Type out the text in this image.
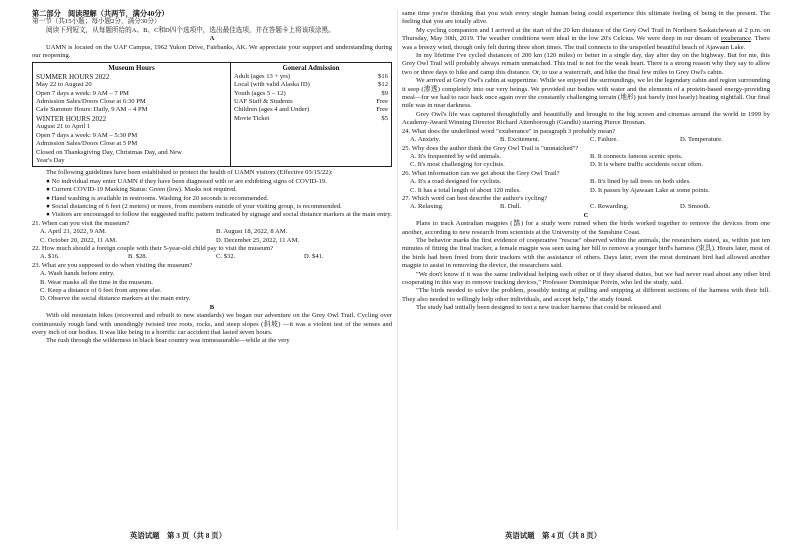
第二部分　阅读理解（共两节，满分40分）
第一节（共15小题；每小题2分，满分30分）
阅读下列短文，从每题所给的A、B、C和D四个选项中，选出最佳选项，并在答题卡上将该项涂黑。
A
UAMN is located on the UAF Campus, 1962 Yukon Drive, Fairbanks, AK. We appreciate your support and understanding during our reopening.
Museum Hours
SUMMER HOURS 2022
May 22 to August 20
Open 7 days a week: 9 AM – 7 PM
Admission Sales/Doors Close at 6:30 PM
Cafe Summer Hours: Daily, 9 AM – 4 PM
WINTER HOURS 2022
August 21 to April 1
Open 7 days a week: 9 AM – 5:30 PM
Admission Sales/Doors Close at 5 PM
Closed on Thanksgiving Day, Christmas Day, and New
Year's Day
General Admission
Adult (ages 13 + yrs)	$16
Local (with valid Alaska ID)	$12
Youth (ages 5 – 12)	$9
UAF Staff & Students	Free
Children (ages 4 and Under)	Free
Movie Ticket	$5
The following guidelines have been established to protect the health of UAMN visitors (Effective 03/15/22):
● No individual may enter UAMN if they have been diagnosed with or are exhibiting signs of COVID-19.
● Current COVID-19 Masking Status: Green (low). Masks not required.
● Hand washing is available in restrooms. Washing for 20 seconds is recommended.
● Social distancing of 6 feet (2 meters) or more, from members outside of your visiting group, is recommended.
● Visitors are encouraged to follow the suggested traffic pattern indicated by signage and social distance markers at the main entry.
21. When can you visit the museum?
A. April 21, 2022, 9 AM.	B. August 18, 2022, 8 AM.
C. October 20, 2022, 11 AM.	D. December 25, 2022, 11 AM.
22. How much should a foreign couple with their 5-year-old child pay to visit the museum?
A. $16.	B. $28.	C. $32.	D. $41.
23. What are you supposed to do when visiting the museum?
A. Wash hands before entry.
B. Wear masks all the time in the museum.
C. Keep a distance of 6 feet from anyone else.
D. Observe the social distance markers at the main entry.
B
With old mountain bikes (recovered and rebuilt to new standards) we began our adventure on the Grey Owl Trail. Cycling over continuously rough land with unendingly twisted tree roots, rocks, and steep slopes (斜坡) —it was a violent test of the senses and every inch of our bodies. It was like being in a horrific car accident that lasted seven hours.
The rush through the wilderness in black bear country was immeasurable—while at the very
same time you're thinking that you wish every single human being could experience this ultimate feeling of being in the present. The feeling that you are totally alive.
My cycling companion and I arrived at the start of the 20 km distance of the Grey Owl Trail in Northern Saskatchewan at 2 p.m. on Thursday, May 30th, 2019. The weather conditions were ideal in the low 20's Celcius. We were deep in our dream of exuberance. There was a breezy wind, though only felt during three short times. The trail connects to the unspoiled beautiful beach of Ajawaan Lake.
In my lifetime I've cycled distances of 200 km (120 miles) or better in a single day, day after day on the highway. But for me, this Grey Owl Trail will probably always remain unmatched. This trail is not for the weak heart. There is a strong reason why they say to allow two or three days to hike and camp this distance. Or, to use a watercraft, and hike the final few miles to Grey Owl's cabin.
We arrived at Grey Owl's cabin at suppertime. While we enjoyed the surroundings, we let the legendary cabin and region surrounding it seep (渗透) completely into our very beings. We provided our bodies with water and the elements of a protein-based energy-providing meal—for we had to race back once again over the constantly challenging terrain (地形) just barely (not hearly) beating nightfall. Our final mile was in near darkness.
Grey Owl's life was captured thoughtfully and beautifully and brought to the big screen and cinemas around the world in 1999 by Academy-Award Winning Director Richard Attenborough (Gandhi) starring Pierce Brosnan.
24. What does the underlined word "exuberance" in paragraph 3 probably mean?
A. Anxiety.	B. Excitement.	C. Failure.	D. Temperature.
25. Why does the author think the Grey Owl Trail is "unmatched"?
A. It's frequented by wild animals.	B. It connects famous scenic spots.
C. It's most challenging for cyclists.	D. It is where traffic accidents occur often.
26. What information can we get about the Grey Owl Trail?
A. It's a road designed for cyclists.	B. It's lined by tall trees on both sides.
C. It has a total length of about 120 miles.	D. It passes by Ajawaan Lake at some points.
27. Which word can best describe the author's cycling?
A. Relaxing.	B. Dull.	C. Rewarding.	D. Smooth.
C
Plans to track Australian magpies (鹊) for a study were ruined when the birds worked together to remove the devices from one another, according to new research from scientists at the University of the Sunshine Coast.
The behavior marks the first evidence of cooperative "rescue" observed within the animals, the researchers stated, as, within just ten minutes of fitting the final tracker, a female magpie was seen using her bill to remove a younger bird's harness (束具). Hours later, most of the birds had been freed from their trackers with the assistance of others. Days later, even the most dominant bird had allowed another magpie to assist in removing the device, the researchers said.
"We don't know if it was the same individual helping each other or if they shared duties, but we had never read about any other bird cooperating in this way to remove tracking devices," Professor Dominique Potvin, who led the study, said.
"The birds needed to solve the problem, possibly testing at pulling and snipping at different sections of the harness with their bill. They also needed to willingly help other individuals, and accept help," the study found.
The study had initially been designed to test a new tracker harness that could be released and
英语试题　第 3 页（共 8 页）	英语试题　第 4 页（共 8 页）
